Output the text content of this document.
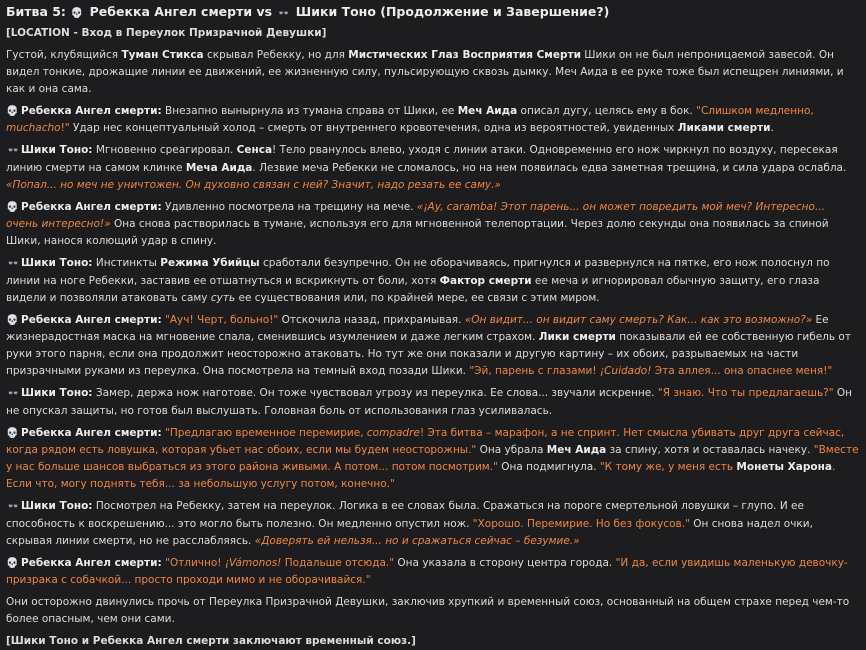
Битва 5: 💀 Ребекка Ангел смерти vs 👓 Шики Тоно (Продолжение и Завершение?)

[LOCATION - Вход в Переулок Призрачной Девушки]

Густой, клубящийся Туман Стикса скрывал Ребекку, но для Мистических Глаз Восприятия Смерти Шики он не был непроницаемой завесой. Он видел тонкие, дрожащие линии ее движений, ее жизненную силу, пульсирующую сквозь дымку. Меч Аида в ее руке тоже был испещрен линиями, и как и она сама.

💀 Ребекка Ангел смерти: Внезапно вынырнула из тумана справа от Шики, ее Меч Аида описал дугу, целясь ему в бок. "Слишком медленно, muchacho!" Удар нес концептуальный холод – смерть от внутреннего кровотечения, одна из вероятностей, увиденных Ликами смерти.

👓 Шики Тоно: Мгновенно среагировал. Сенса! Тело рванулось влево, уходя с линии атаки. Одновременно его нож чиркнул по воздуху, пересекая линию смерти на самом клинке Меча Аида. Лезвие меча Ребекки не сломалось, но на нем появилась едва заметная трещина, и сила удара ослабла. «Попал... но меч не уничтожен. Он духовно связан с ней? Значит, надо резать ее саму.»

💀 Ребекка Ангел смерти: Удивленно посмотрела на трещину на мече. «¡Ay, caramba! Этот парень... он может повредить мой меч? Интересно... очень интересно!» Она снова растворилась в тумане, используя его для мгновенной телепортации. Через долю секунды она появилась за спиной Шики, нанося колющий удар в спину.

👓 Шики Тоно: Инстинкты Режима Убийцы сработали безупречно. Он не оборачиваясь, пригнулся и развернулся на пятке, его нож полоснул по линии на ноге Ребекки, заставив ее отшатнуться и вскрикнуть от боли, хотя Фактор смерти ее меча и игнорировал обычную защиту, его глаза видели и позволяли атаковать саму суть ее существования или, по крайней мере, ее связи с этим миром.

💀 Ребекка Ангел смерти: "Ауч! Черт, больно!" Отскочила назад, прихрамывая. «Он видит... он видит саму смерть? Как... как это возможно?» Ее жизнерадостная маска на мгновение спала, сменившись изумлением и даже легким страхом. Лики смерти показывали ей ее собственную гибель от руки этого парня, если она продолжит неосторожно атаковать. Но тут же они показали и другую картину – их обоих, разрываемых на части призрачными руками из переулка. Она посмотрела на темный вход позади Шики. "Эй, парень с глазами! ¡Cuidado! Эта аллея... она опаснее меня!"

👓 Шики Тоно: Замер, держа нож наготове. Он тоже чувствовал угрозу из переулка. Ее слова... звучали искренне. "Я знаю. Что ты предлагаешь?" Он не опускал защиты, но готов был выслушать. Головная боль от использования глаз усиливалась.

💀 Ребекка Ангел смерти: "Предлагаю временное перемирие, compadre! Эта битва – марафон, а не спринт. Нет смысла убивать друг друга сейчас, когда рядом есть ловушка, которая убьет нас обоих, если мы будем неосторожны." Она убрала Меч Аида за спину, хотя и оставалась начеку. "Вместе у нас больше шансов выбраться из этого района живыми. А потом... потом посмотрим." Она подмигнула. "К тому же, у меня есть Монеты Харона. Если что, могу поднять тебя... за небольшую услугу потом, конечно."

👓 Шики Тоно: Посмотрел на Ребекку, затем на переулок. Логика в ее словах была. Сражаться на пороге смертельной ловушки – глупо. И ее способность к воскрешению... это могло быть полезно. Он медленно опустил нож. "Хорошо. Перемирие. Но без фокусов." Он снова надел очки, скрывая линии смерти, но не расслабляясь. «Доверять ей нельзя... но и сражаться сейчас – безумие.»

💀 Ребекка Ангел смерти: "Отлично! ¡Vámonos! Подальше отсюда." Она указала в сторону центра города. "И да, если увидишь маленькую девочку-призрака с собачкой... просто проходи мимо и не оборачивайся."

Они осторожно двинулись прочь от Переулка Призрачной Девушки, заключив хрупкий и временный союз, основанный на общем страхе перед чем-то более опасным, чем они сами.

[Шики Тоно и Ребекка Ангел смерти заключают временный союз.]
